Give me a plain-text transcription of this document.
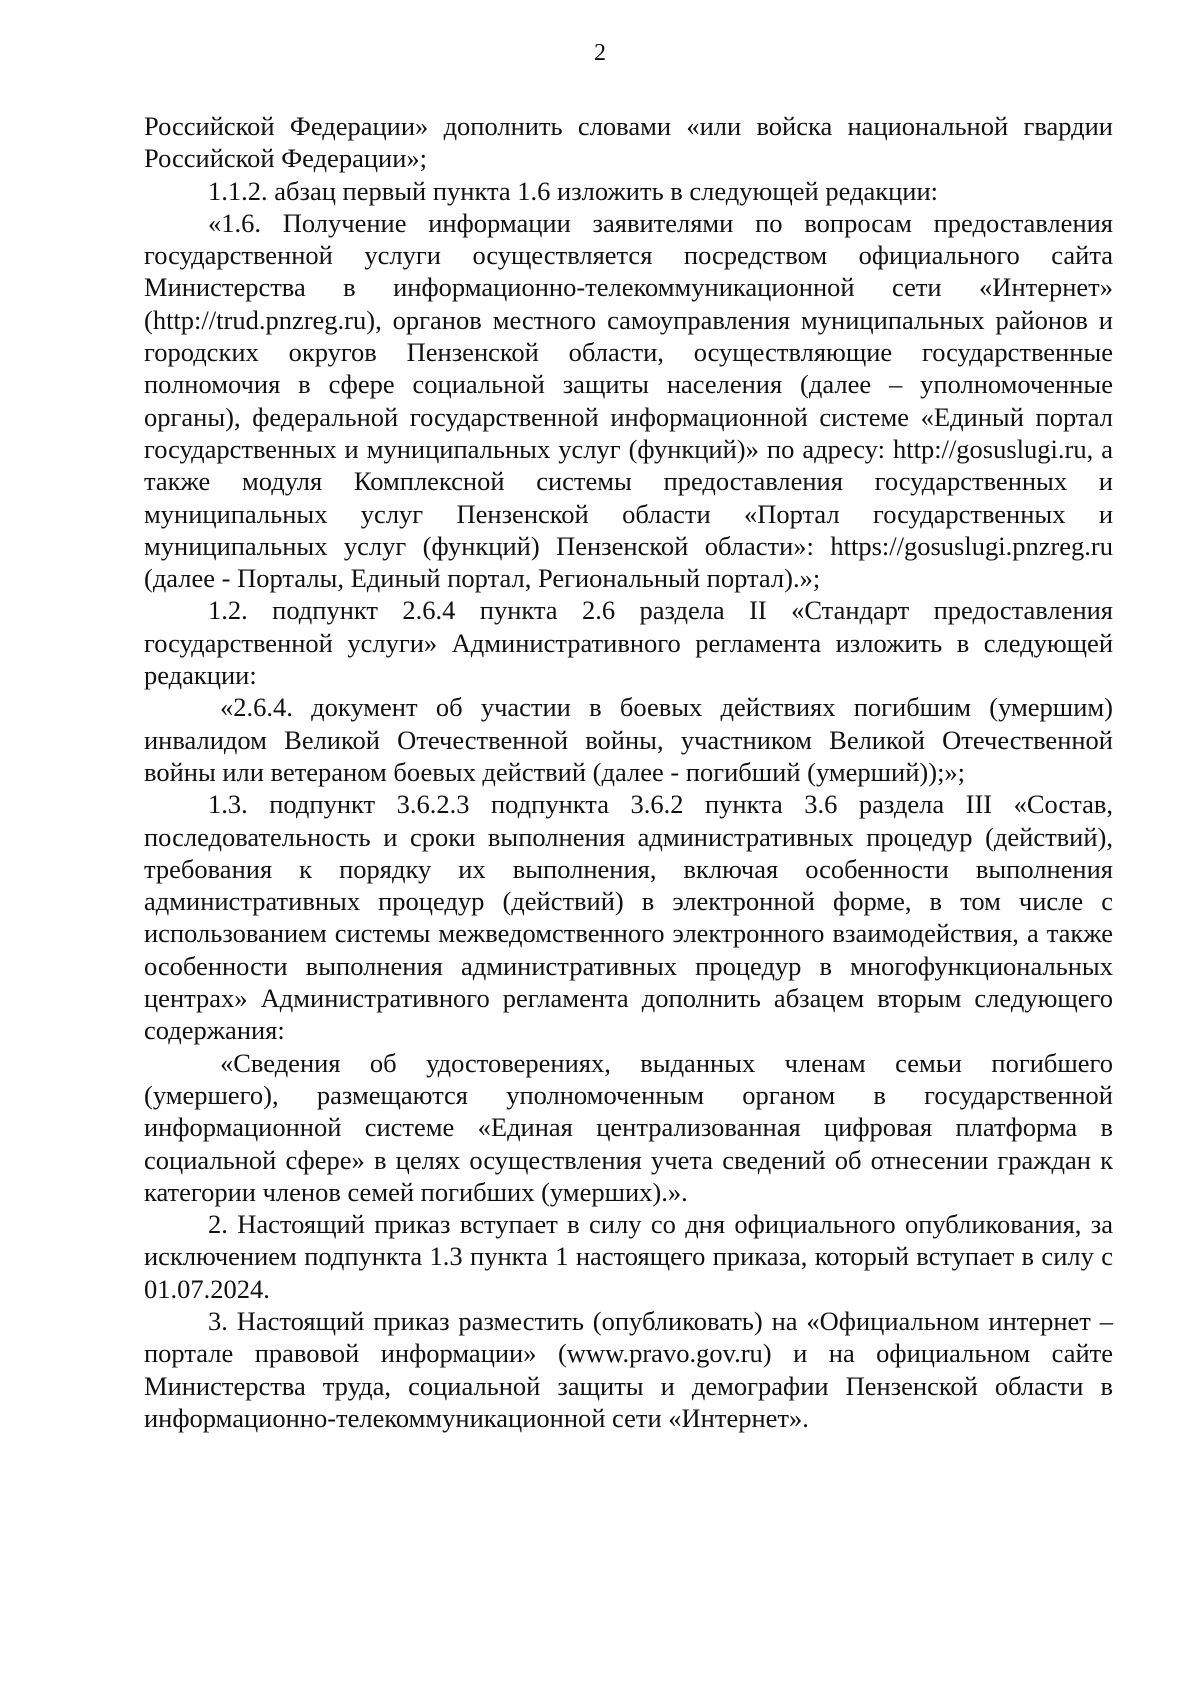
2

Российской Федерации» дополнить словами «или войска национальной гвардии Российской Федерации»;

1.1.2. абзац первый пункта 1.6 изложить в следующей редакции:

«1.6. Получение информации заявителями по вопросам предоставления государственной услуги осуществляется посредством официального сайта Министерства в информационно-телекоммуникационной сети «Интернет» (http://trud.pnzreg.ru), органов местного самоуправления муниципальных районов и городских округов Пензенской области, осуществляющие государственные полномочия в сфере социальной защиты населения (далее – уполномоченные органы), федеральной государственной информационной системе «Единый портал государственных и муниципальных услуг (функций)» по адресу: http://gosuslugi.ru, а также модуля Комплексной системы предоставления государственных и муниципальных услуг Пензенской области «Портал государственных и муниципальных услуг (функций) Пензенской области»: https://gosuslugi.pnzreg.ru (далее - Порталы, Единый портал, Региональный портал).»;

1.2. подпункт 2.6.4 пункта 2.6 раздела II «Стандарт предоставления государственной услуги» Административного регламента изложить в следующей редакции:

«2.6.4. документ об участии в боевых действиях погибшим (умершим) инвалидом Великой Отечественной войны, участником Великой Отечественной войны или ветераном боевых действий (далее - погибший (умерший));»;

1.3. подпункт 3.6.2.3 подпункта 3.6.2 пункта 3.6 раздела III «Состав, последовательность и сроки выполнения административных процедур (действий), требования к порядку их выполнения, включая особенности выполнения административных процедур (действий) в электронной форме, в том числе с использованием системы межведомственного электронного взаимодействия, а также особенности выполнения административных процедур в многофункциональных центрах» Административного регламента дополнить абзацем вторым следующего содержания:

«Сведения об удостоверениях, выданных членам семьи погибшего (умершего), размещаются уполномоченным органом в государственной информационной системе «Единая централизованная цифровая платформа в социальной сфере» в целях осуществления учета сведений об отнесении граждан к категории членов семей погибших (умерших).».

2. Настоящий приказ вступает в силу со дня официального опубликования, за исключением подпункта 1.3 пункта 1 настоящего приказа, который вступает в силу с 01.07.2024.

3. Настоящий приказ разместить (опубликовать) на «Официальном интернет – портале правовой информации» (www.pravo.gov.ru) и на официальном сайте Министерства труда, социальной защиты и демографии Пензенской области в информационно-телекоммуникационной сети «Интернет».
